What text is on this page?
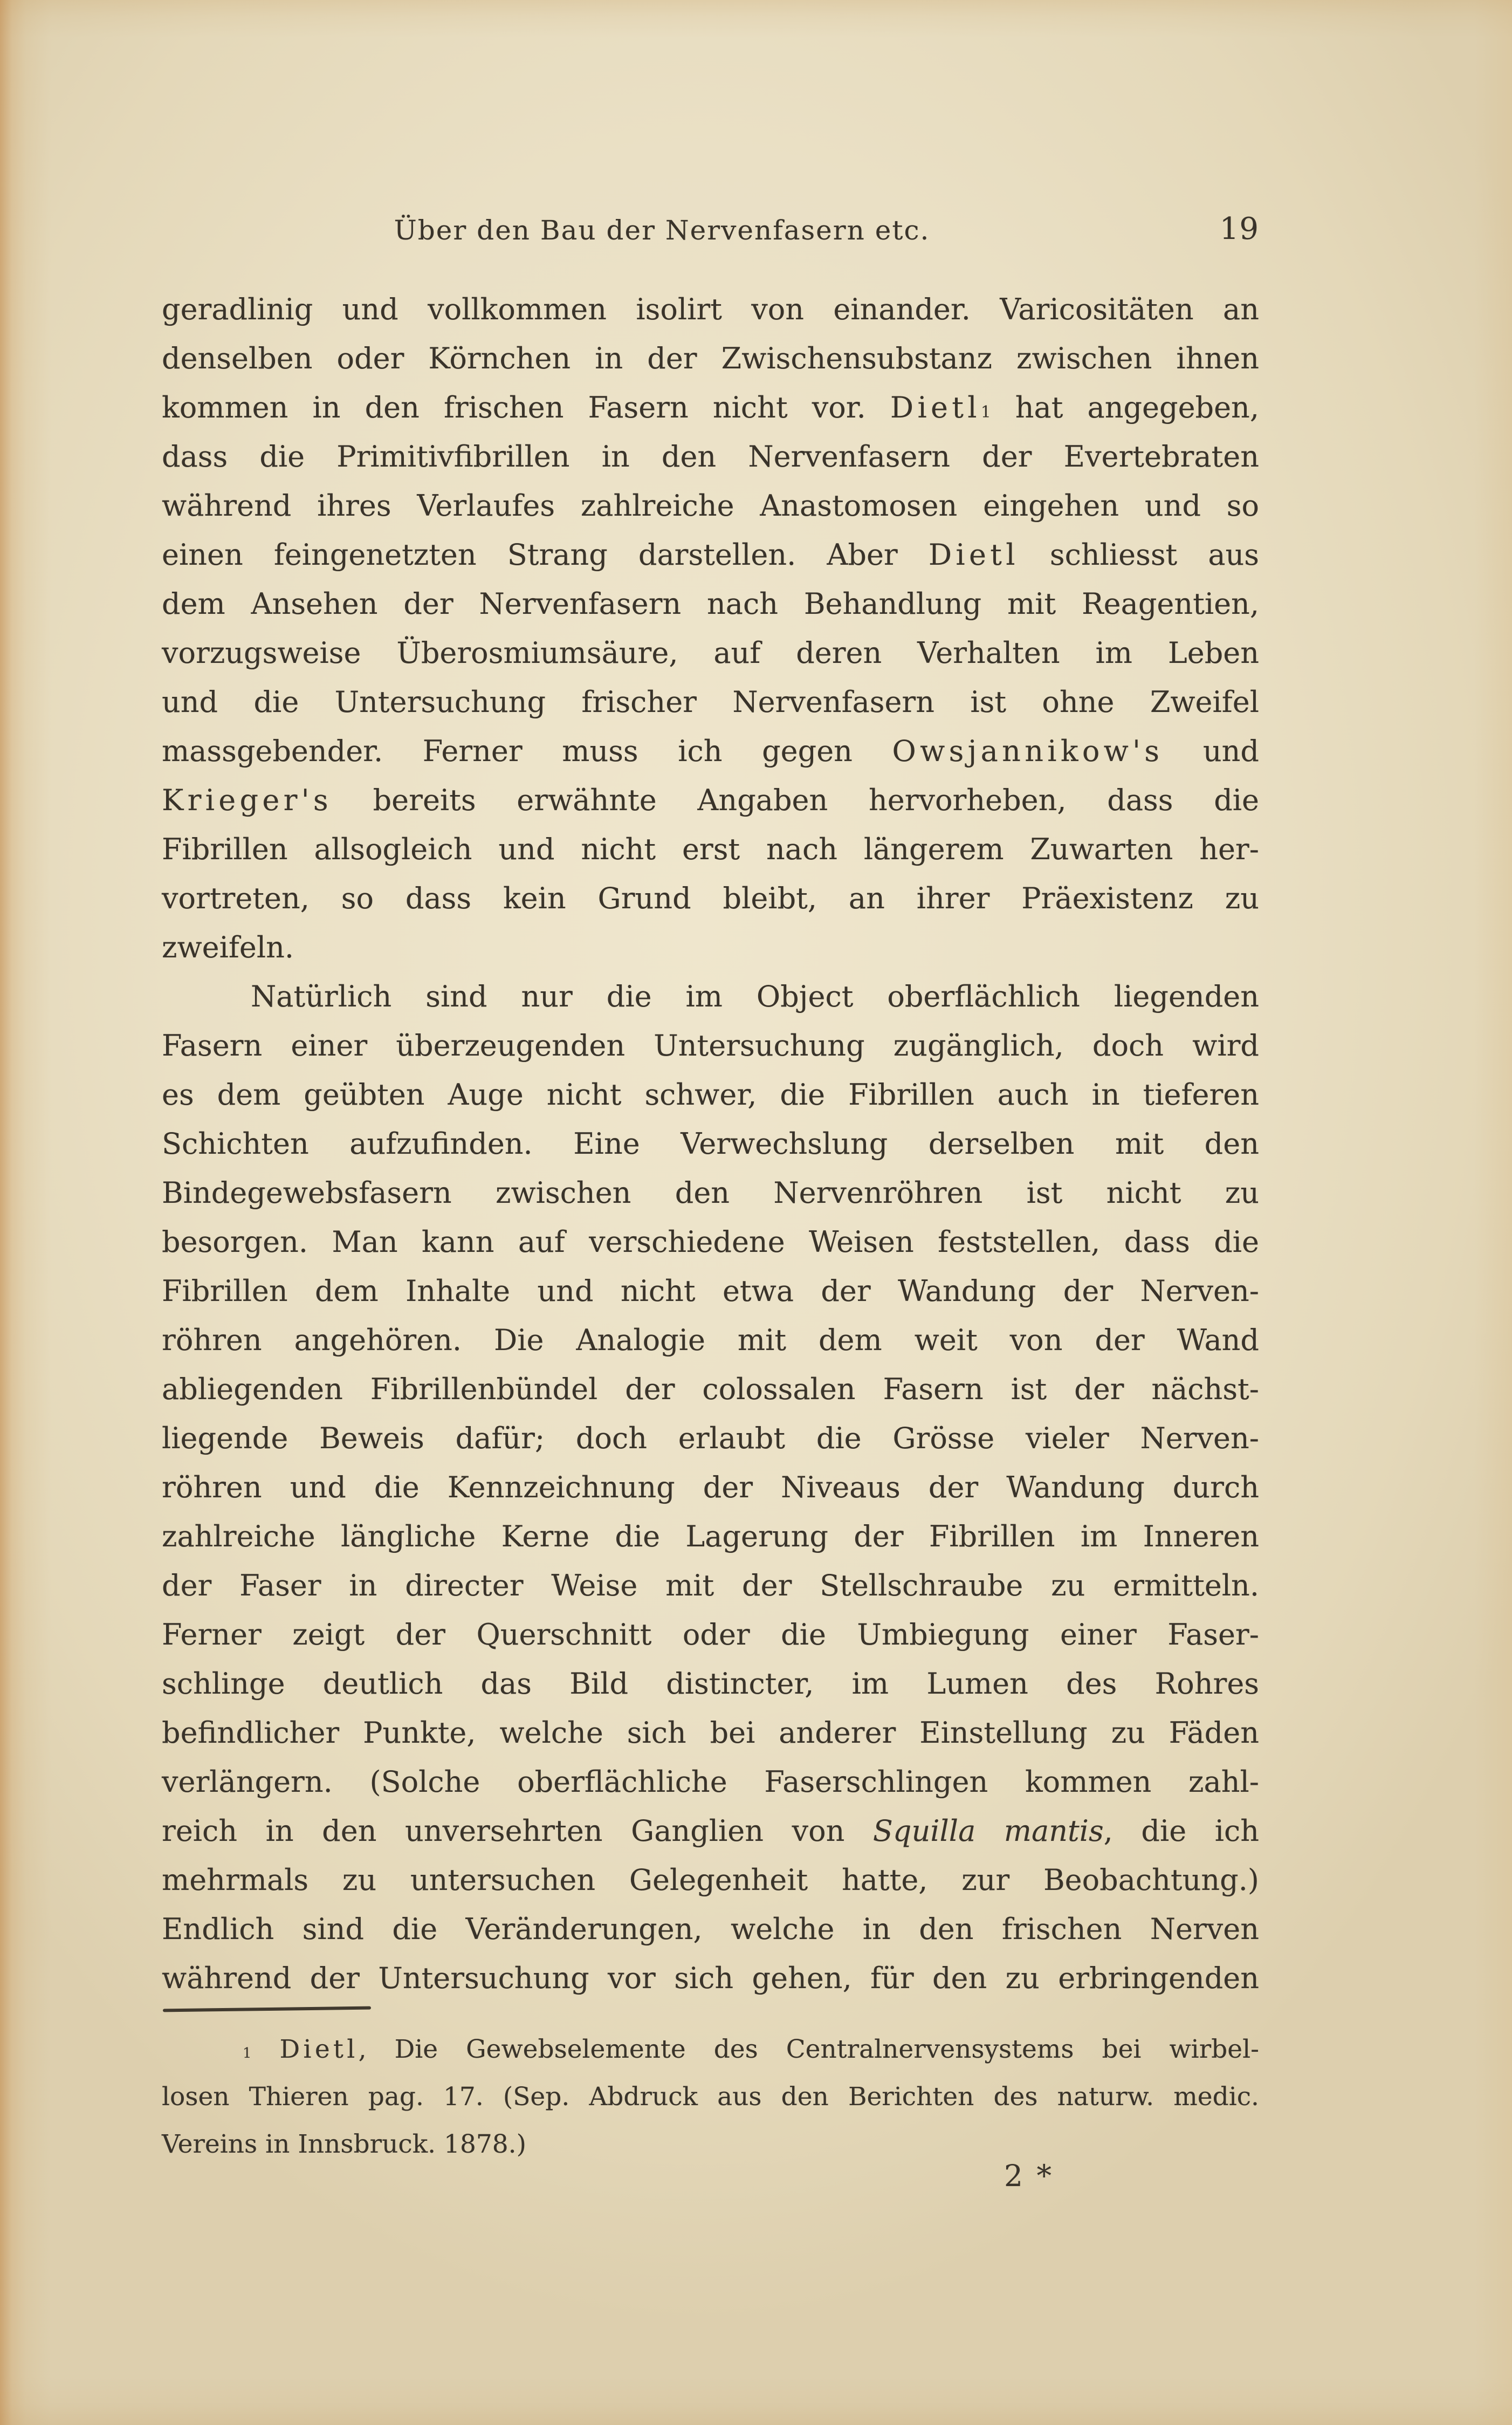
Über den Bau der Nervenfasern etc.	19
geradlinig und vollkommen isolirt von einander. Varicositäten an
denselben oder Körnchen in der Zwischensubstanz zwischen ihnen
kommen in den frischen Fasern nicht vor. Dietl$^1$ hat angegeben,
dass die Primitivfibrillen in den Nervenfasern der Evertebraten
während ihres Verlaufes zahlreiche Anastomosen eingehen und so
einen feingenetzten Strang darstellen. Aber Dietl schliesst aus
dem Ansehen der Nervenfasern nach Behandlung mit Reagentien,
vorzugsweise Überosmiumsäure, auf deren Verhalten im Leben
und die Untersuchung frischer Nervenfasern ist ohne Zweifel
massgebender. Ferner muss ich gegen Owsjannikow's und
Krieger's bereits erwähnte Angaben hervorheben, dass die
Fibrillen allsogleich und nicht erst nach längerem Zuwarten her-
vortreten, so dass kein Grund bleibt, an ihrer Präexistenz zu
zweifeln.
Natürlich sind nur die im Object oberflächlich liegenden
Fasern einer überzeugenden Untersuchung zugänglich, doch wird
es dem geübten Auge nicht schwer, die Fibrillen auch in tieferen
Schichten aufzufinden. Eine Verwechslung derselben mit den
Bindegewebsfasern zwischen den Nervenröhren ist nicht zu
besorgen. Man kann auf verschiedene Weisen feststellen, dass die
Fibrillen dem Inhalte und nicht etwa der Wandung der Nerven-
röhren angehören. Die Analogie mit dem weit von der Wand
abliegenden Fibrillenbündel der colossalen Fasern ist der nächst-
liegende Beweis dafür; doch erlaubt die Grösse vieler Nerven-
röhren und die Kennzeichnung der Niveaus der Wandung durch
zahlreiche längliche Kerne die Lagerung der Fibrillen im Inneren
der Faser in directer Weise mit der Stellschraube zu ermitteln.
Ferner zeigt der Querschnitt oder die Umbiegung einer Faser-
schlinge deutlich das Bild distincter, im Lumen des Rohres
befindlicher Punkte, welche sich bei anderer Einstellung zu Fäden
verlängern. (Solche oberflächliche Faserschlingen kommen zahl-
reich in den unversehrten Ganglien von Squilla mantis, die ich
mehrmals zu untersuchen Gelegenheit hatte, zur Beobachtung.)
Endlich sind die Veränderungen, welche in den frischen Nerven
während der Untersuchung vor sich gehen, für den zu erbringenden
$^1$ Dietl, Die Gewebselemente des Centralnervensystems bei wirbel-
losen Thieren pag. 17. (Sep. Abdruck aus den Berichten des naturw. medic.
Vereins in Innsbruck. 1878.)
2 *
